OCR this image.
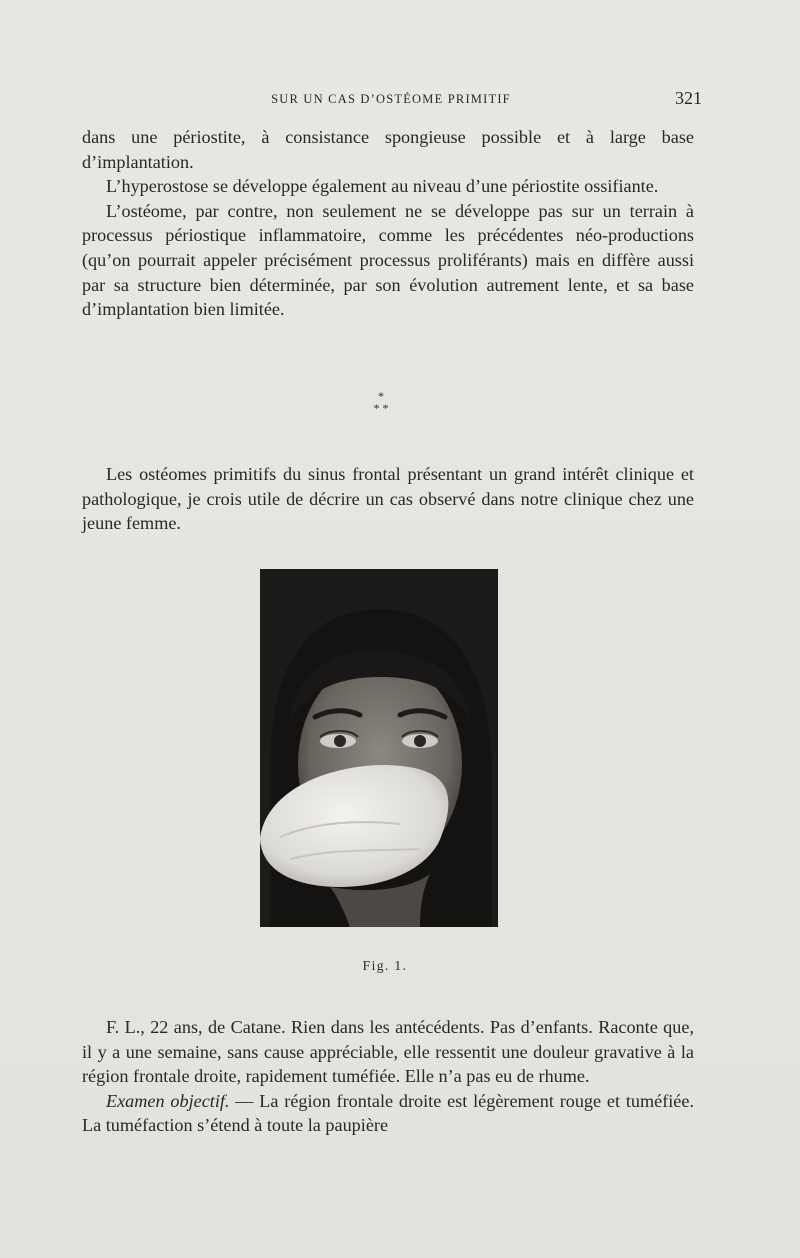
SUR UN CAS D’OSTÉOME PRIMITIF	321

dans une périostite, à consistance spongieuse possible et à large base d’implantation.

L’hyperostose se développe également au niveau d’une périostite ossifiante.

L’ostéome, par contre, non seulement ne se développe pas sur un terrain à processus périostique inflammatoire, comme les précédentes néo-productions (qu’on pourrait appeler précisément processus proliférants) mais en diffère aussi par sa structure bien déterminée, par son évolution autrement lente, et sa base d’implantation bien limitée.

*
* *

Les ostéomes primitifs du sinus frontal présentant un grand intérêt clinique et pathologique, je crois utile de décrire un cas observé dans notre clinique chez une jeune femme.

Fig. 1.

F. L., 22 ans, de Catane. Rien dans les antécédents. Pas d’enfants. Raconte que, il y a une semaine, sans cause appréciable, elle ressentit une douleur gravative à la région frontale droite, rapidement tuméfiée. Elle n’a pas eu de rhume.

Examen objectif. — La région frontale droite est légèrement rouge et tuméfiée. La tuméfaction s’étend à toute la paupière
